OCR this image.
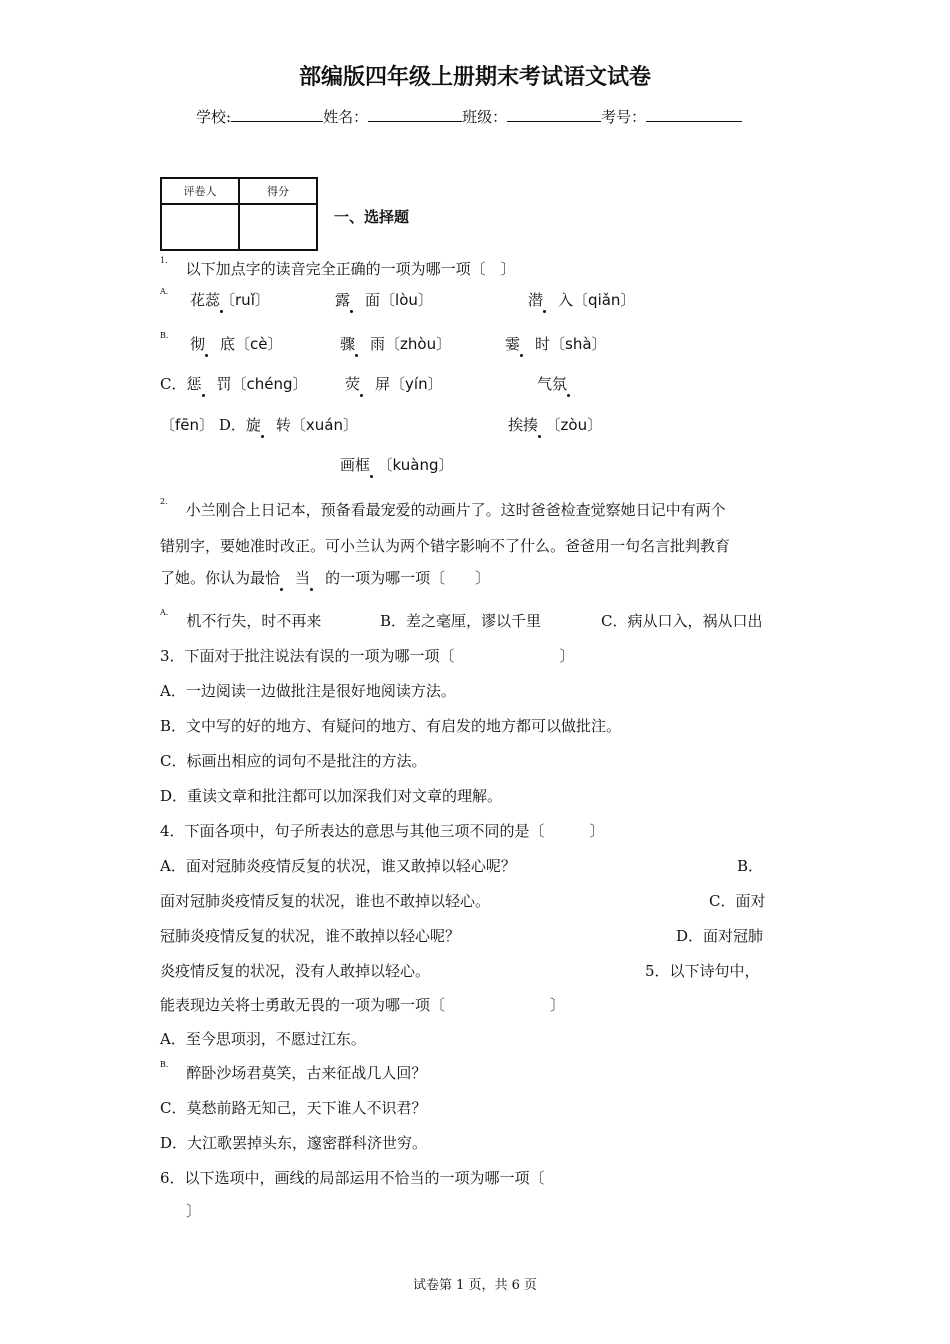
部编版四年级上册期末考试语文试卷
学校:	姓名：	班级：	考号：
评卷人	得分

一、选择题
$^{1.}$ 以下加点字的读音完全正确的一项为哪一项〔　〕
$^{A.}$	花蕊〔ruǐ〕	露　 面〔lòu〕	潜　 入〔qiǎn〕
$^{B.}$	彻　 底〔cè〕	骤　 雨〔zhòu〕	霎　 时〔shà〕
C．惩　 罚〔chéng〕 荧　 屏〔yín〕	气氛
〔fēn〕 D．旋　 转〔xuán〕	挨揍　 〔zòu〕
画框　 〔kuàng〕
$^{2.}$ 小兰刚合上日记本，预备看最宠爱的动画片了。这时爸爸检查觉察她日记中有两个
错别字，要她准时改正。可小兰认为两个错字影响不了什么。爸爸用一句名言批判教育
了她。你认为最恰　 当　 的一项为哪一项〔　　〕
$^{A.}$ 机不行失，时不再来	B．差之毫厘，谬以千里	C．病从口入，祸从口出
3．下面对于批注说法有误的一项为哪一项〔　　　　　　　〕
A．一边阅读一边做批注是很好地阅读方法。
B．文中写的好的地方、有疑问的地方、有启发的地方都可以做批注。
C．标画出相应的词句不是批注的方法。
D．重读文章和批注都可以加深我们对文章的理解。
4．下面各项中，句子所表达的意思与其他三项不同的是〔　　　〕
A．面对冠肺炎疫情反复的状况，谁又敢掉以轻心呢？	B．
面对冠肺炎疫情反复的状况，谁也不敢掉以轻心。	C．面对
冠肺炎疫情反复的状况，谁不敢掉以轻心呢？	D．面对冠肺
炎疫情反复的状况，没有人敢掉以轻心。	5．以下诗句中，
能表现边关将士勇敢无畏的一项为哪一项〔　　　　　　　〕
A．至今思项羽，不愿过江东。
$^{B.}$ 醉卧沙场君莫笑，古来征战几人回？
C．莫愁前路无知己，天下谁人不识君？
D．大江歌罢掉头东，邃密群科济世穷。
6．以下选项中，画线的局部运用不恰当的一项为哪一项〔
〕
试卷第 1 页，共 6 页
